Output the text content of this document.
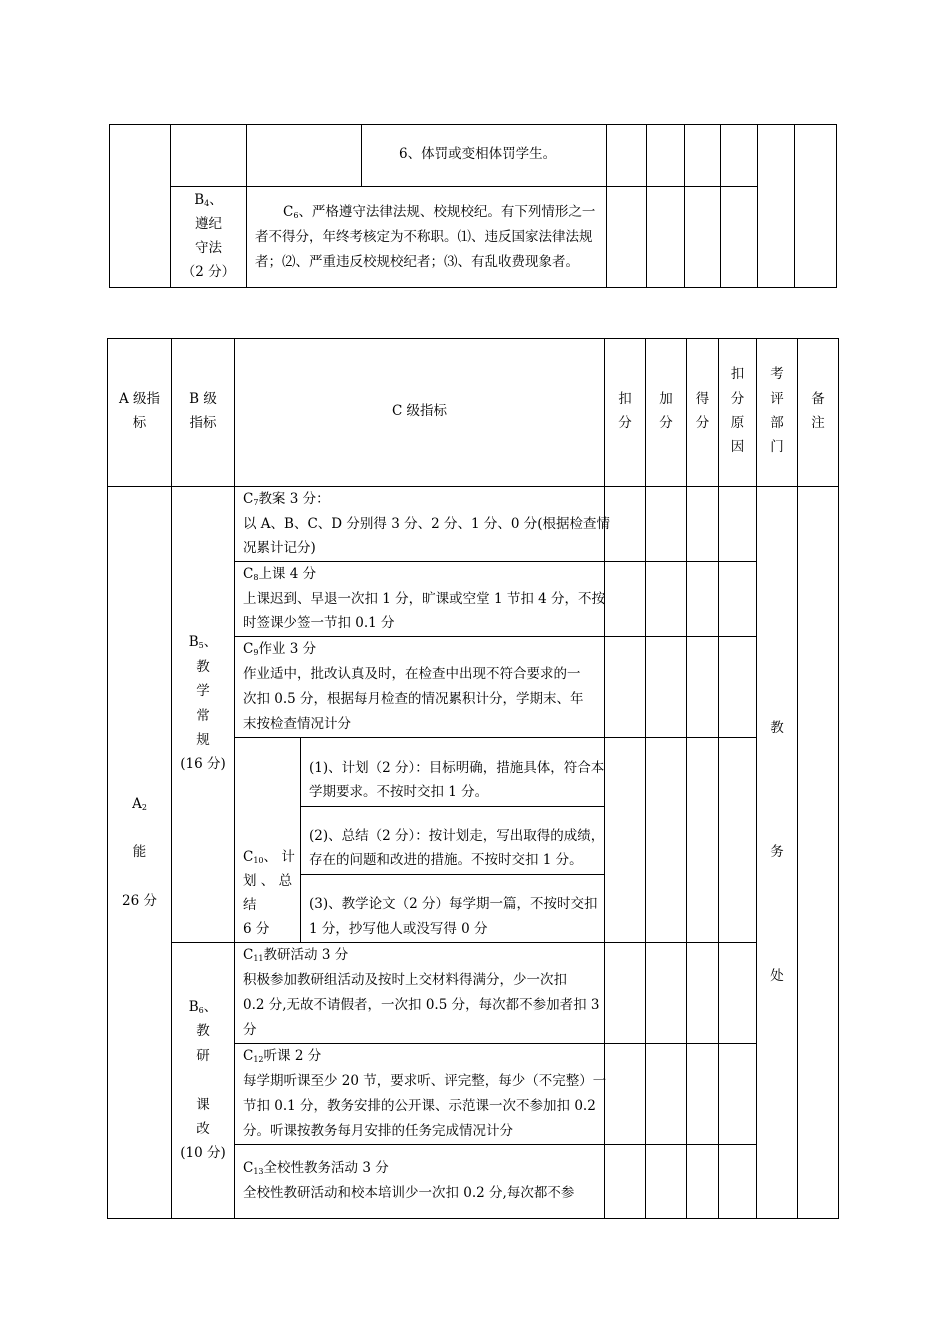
6、体罚或变相体罚学生。
$B_4$、
遵纪
守法
（2 分）
$C_6$、严格遵守法律法规、校规校纪。有下列情形之一
者不得分，年终考核定为不称职。⑴、违反国家法律法规
者；⑵、严重违反校规校纪者；⑶、有乱收费现象者。
A 级指
标
B 级
指标
C 级指标
扣
分
加
分
得
分
扣
分
原
因
考
评
部
门
备
注
$A_2$
能
26 分
$B_5$、
教
学
常
规
(16 分)
$B_6$、
教
研
课
改
(10 分)
教
务
处
$C_7$教案 3 分：
以 A、B、C、D 分别得 3 分、2 分、1 分、0 分(根据检查情
况累计记分)
$C_8$上课 4 分
上课迟到、早退一次扣 1 分，旷课或空堂 1 节扣 4 分，不按
时签课少签一节扣 0.1 分
$C_9$作业 3 分
作业适中，批改认真及时，在检查中出现不符合要求的一
次扣 0.5 分，根据每月检查的情况累积计分，学期末、年
末按检查情况计分
$C_{10}$、 计
划 、 总
结
6 分
(1)、计划（2 分）：目标明确，措施具体，符合本
学期要求。不按时交扣 1 分。
(2)、总结（2 分）：按计划走，写出取得的成绩，
存在的问题和改进的措施。不按时交扣 1 分。
(3)、教学论文（2 分）每学期一篇，不按时交扣
1 分，抄写他人或没写得 0 分
$C_{11}$教研活动 3 分
积极参加教研组活动及按时上交材料得满分，少一次扣
0.2 分,无故不请假者，一次扣 0.5 分，每次都不参加者扣 3
分
$C_{12}$听课 2 分
每学期听课至少 20 节，要求听、评完整，每少（不完整）一
节扣 0.1 分，教务安排的公开课、示范课一次不参加扣 0.2
分。听课按教务每月安排的任务完成情况计分
$C_{13}$全校性教务活动 3 分
全校性教研活动和校本培训少一次扣 0.2 分,每次都不参
